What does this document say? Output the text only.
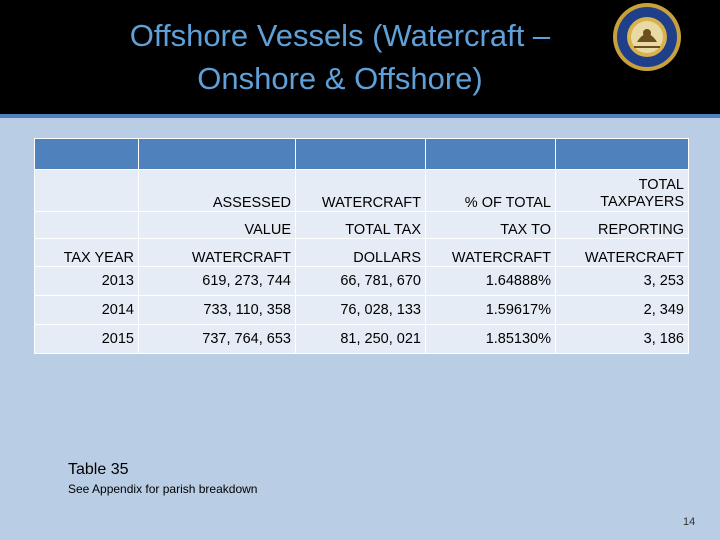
Offshore Vessels (Watercraft –
Onshore & Offshore)

	ASSESSED	WATERCRAFT	% OF TOTAL	TOTAL
TAXPAYERS

	VALUE	TOTAL TAX	TAX TO	REPORTING
TAX YEAR	WATERCRAFT	DOLLARS	WATERCRAFT	WATERCRAFT
2013	619, 273, 744	66, 781, 670	1.64888%	3, 253
2014	733, 110, 358	76, 028, 133	1.59617%	2, 349
2015	737, 764, 653	81, 250, 021	1.85130%	3, 186
Table 35
See Appendix for parish breakdown
14
